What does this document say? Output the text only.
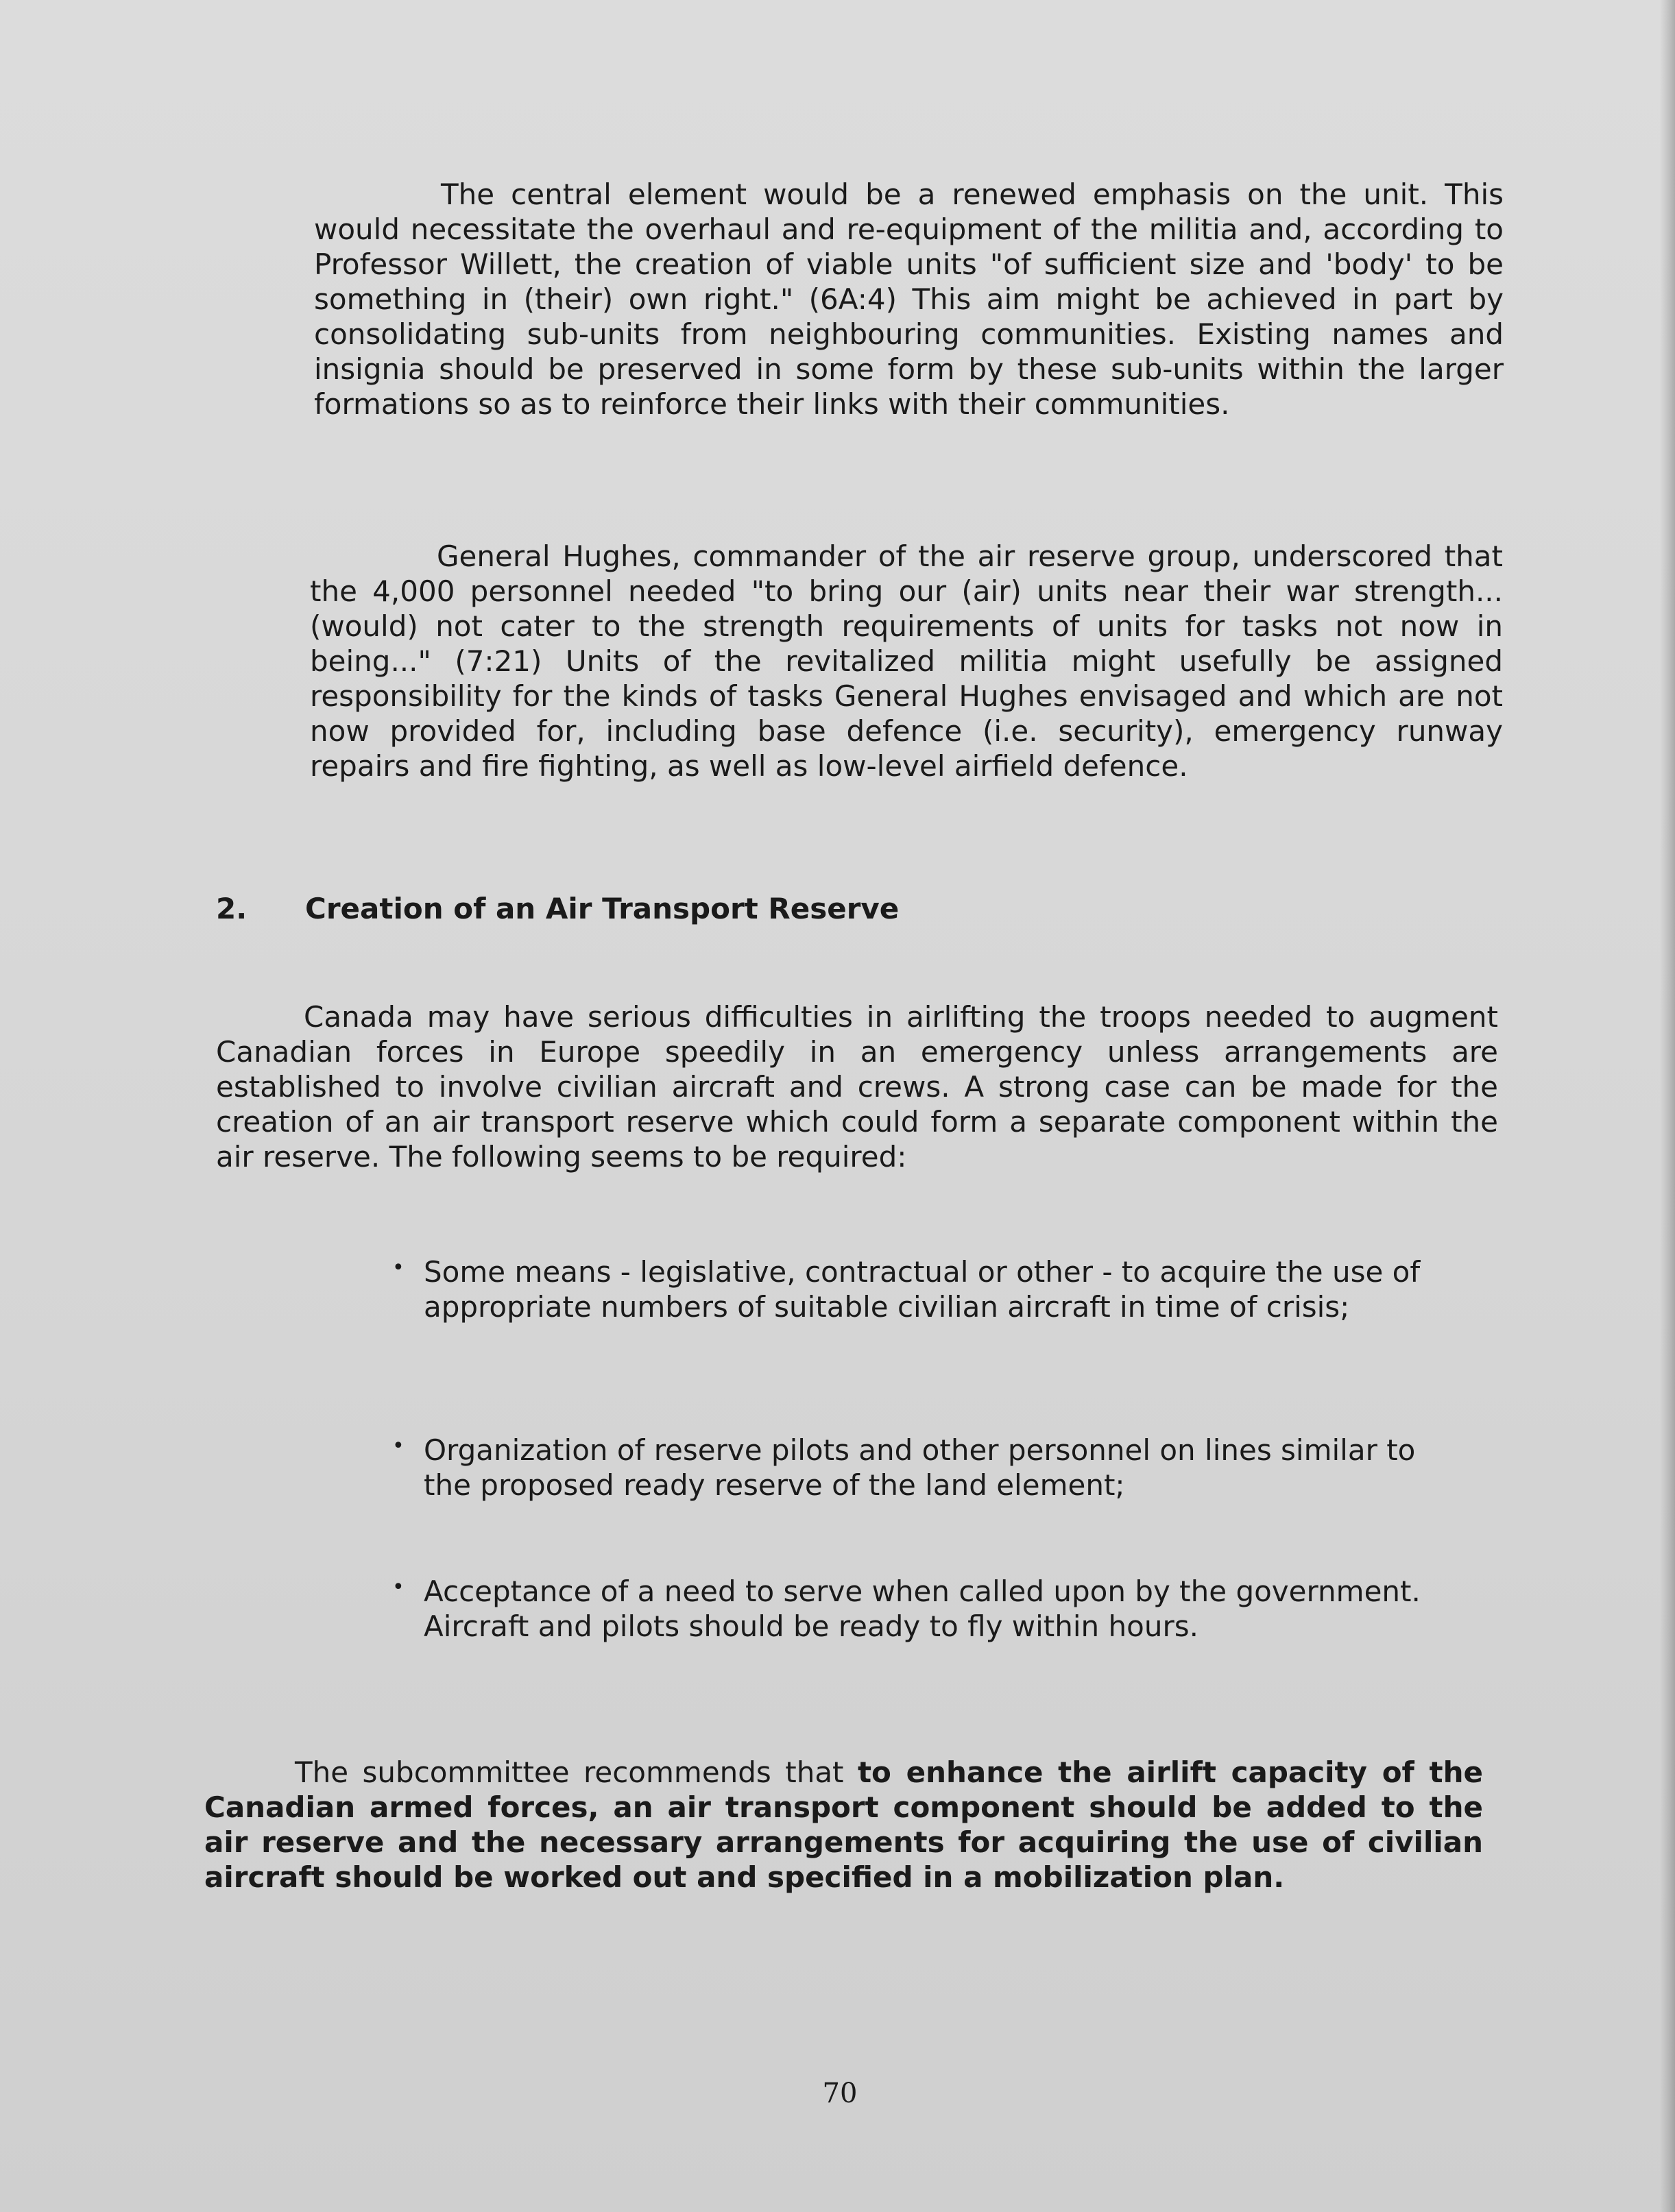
The central element would be a renewed emphasis on the unit. This would necessitate the overhaul and re-equipment of the militia and, according to Professor Willett, the creation of viable units "of sufficient size and 'body' to be something in (their) own right." (6A:4) This aim might be achieved in part by consolidating sub-units from neighbouring communities. Existing names and insignia should be preserved in some form by these sub-units within the larger formations so as to reinforce their links with their communities.

General Hughes, commander of the air reserve group, underscored that the 4,000 personnel needed "to bring our (air) units near their war strength...(would) not cater to the strength requirements of units for tasks not now in being..." (7:21) Units of the revitalized militia might usefully be assigned responsibility for the kinds of tasks General Hughes envisaged and which are not now provided for, including base defence (i.e. security), emergency runway repairs and fire fighting, as well as low-level airfield defence.

2. Creation of an Air Transport Reserve

Canada may have serious difficulties in airlifting the troops needed to augment Canadian forces in Europe speedily in an emergency unless arrangements are established to involve civilian aircraft and crews. A strong case can be made for the creation of an air transport reserve which could form a separate component within the air reserve. The following seems to be required:

• Some means - legislative, contractual or other - to acquire the use of appropriate numbers of suitable civilian aircraft in time of crisis;
• Organization of reserve pilots and other personnel on lines similar to the proposed ready reserve of the land element;
• Acceptance of a need to serve when called upon by the government. Aircraft and pilots should be ready to fly within hours.

The subcommittee recommends that to enhance the airlift capacity of the Canadian armed forces, an air transport component should be added to the air reserve and the necessary arrangements for acquiring the use of civilian aircraft should be worked out and specified in a mobilization plan.

70
